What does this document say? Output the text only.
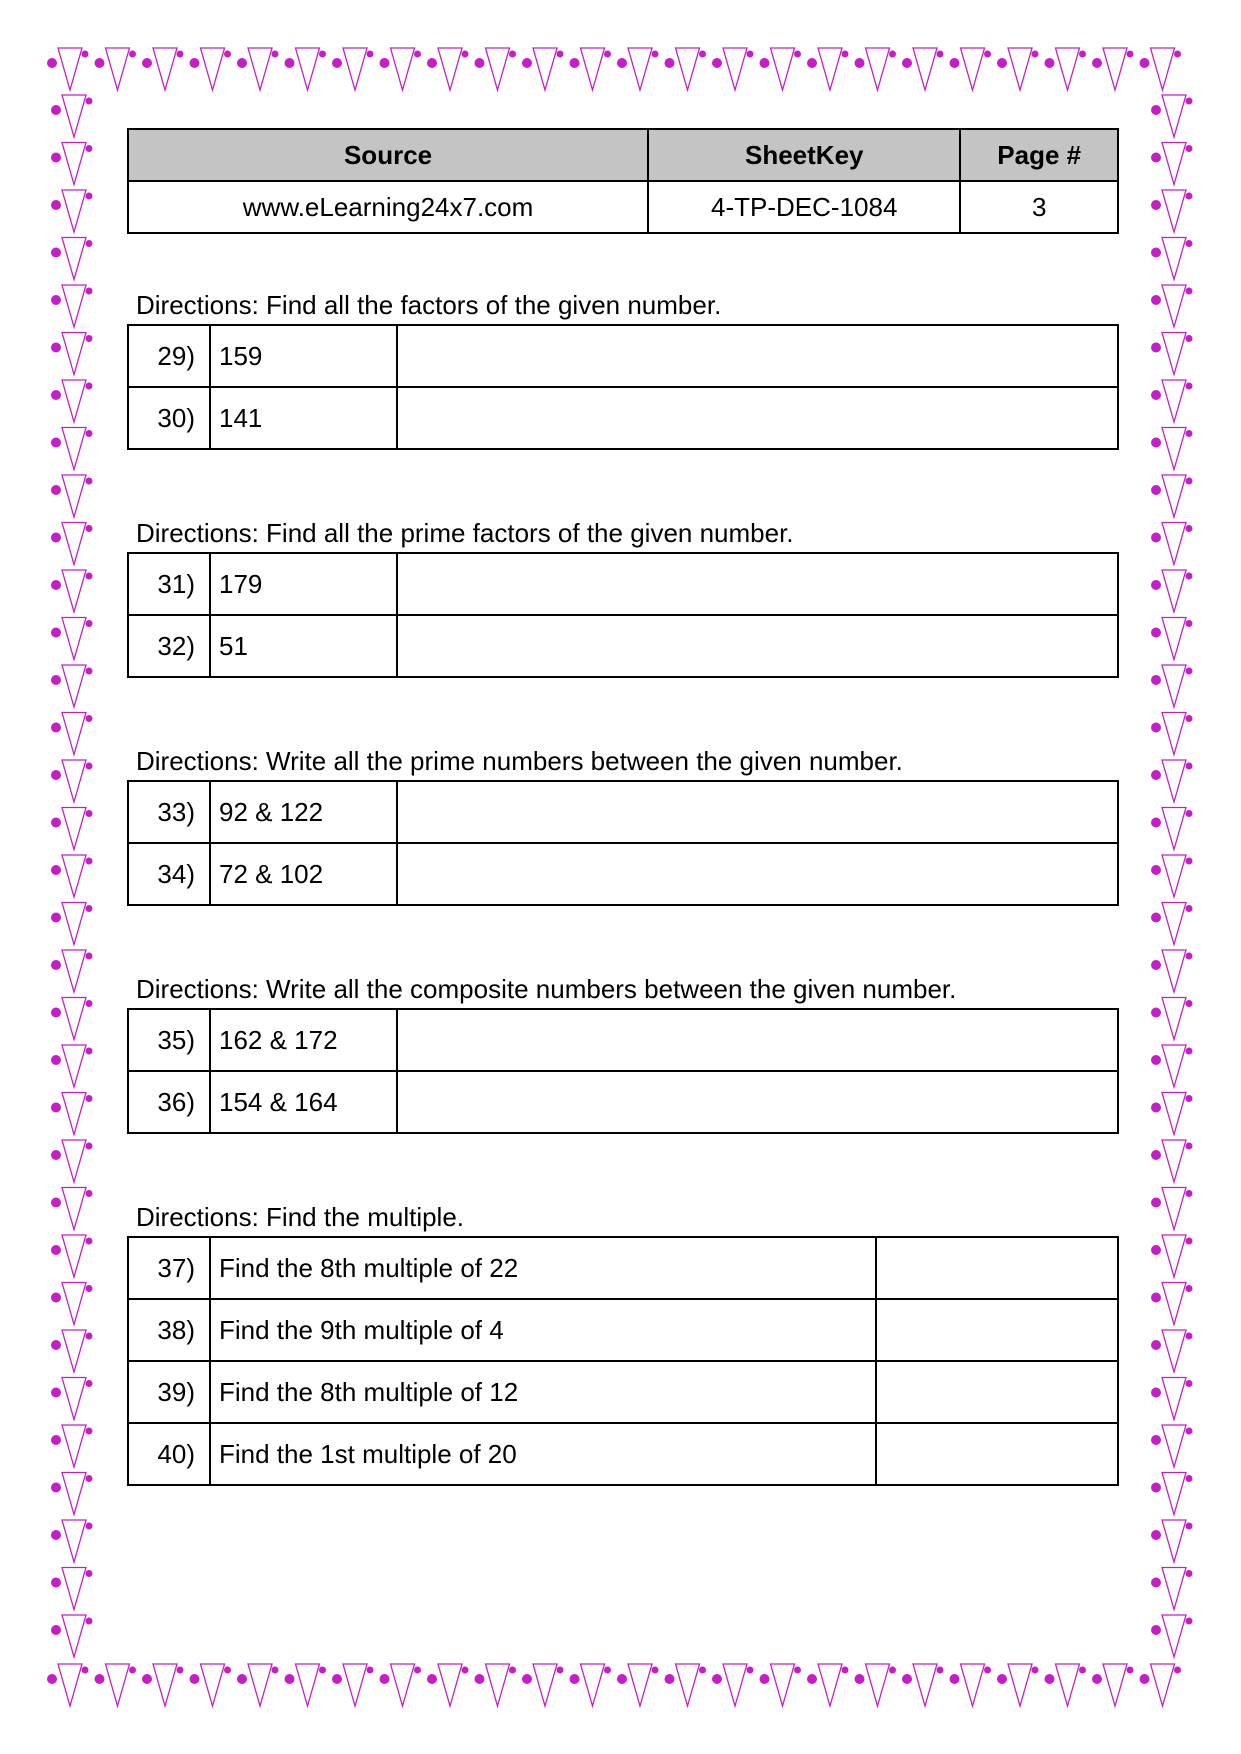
Source	SheetKey	Page #
www.eLearning24x7.com	4-TP-DEC-1084	3

Directions: Find all the factors of the given number.

29)	159	
30)	141	

Directions: Find all the prime factors of the given number.

31)	179	
32)	51	

Directions: Write all the prime numbers between the given number.

33)	92 & 122	
34)	72 & 102	

Directions: Write all the composite numbers between the given number.

35)	162 & 172	
36)	154 & 164	

Directions: Find the multiple.

37)	Find the 8th multiple of 22	
38)	Find the 9th multiple of 4	
39)	Find the 8th multiple of 12	
40)	Find the 1st multiple of 20	
